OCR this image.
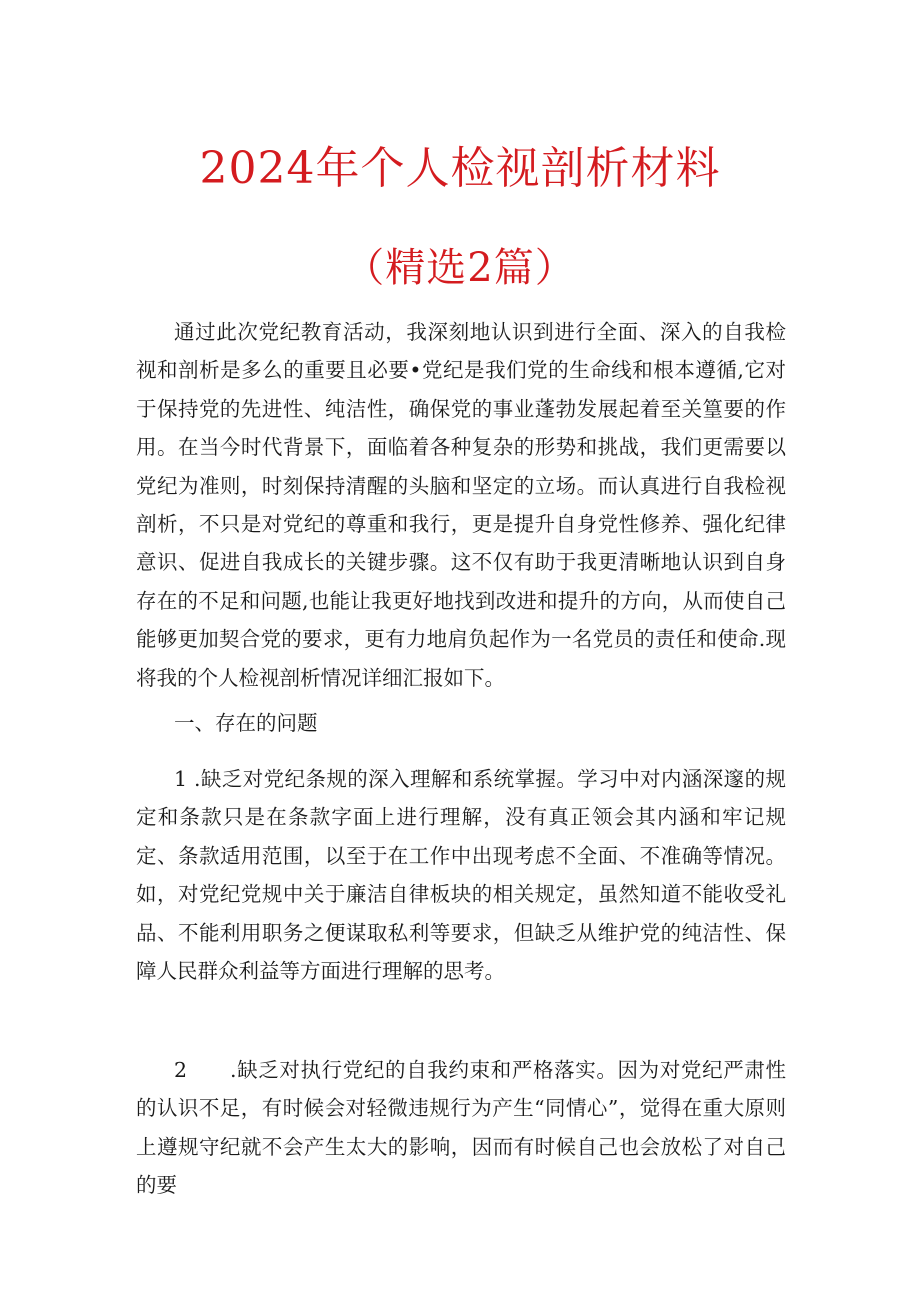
2024年个人检视剖析材料
（精选2篇）

通过此次党纪教育活动，我深刻地认识到进行全面、深入的自我检视和剖析是多么的重要且必要•党纪是我们党的生命线和根本遵循,它对于保持党的先进性、纯洁性，确保党的事业蓬勃发展起着至关篁要的作用。在当今时代背景下，面临着各种复杂的形势和挑战，我们更需要以党纪为准则，时刻保持清醒的头脑和坚定的立场。而认真进行自我检视剖析，不只是对党纪的尊重和我行，更是提升自身党性修养、强化纪律意识、促进自我成长的关键步骤。这不仅有助于我更清晰地认识到自身存在的不足和问题,也能让我更好地找到改进和提升的方向，从而使自己能够更加契合党的要求，更有力地肩负起作为一名党员的责任和使命.现将我的个人检视剖析情况详细汇报如下。

一、存在的问题

1 .缺乏对党纪条规的深入理解和系统掌握。学习中对内涵深邃的规定和条款只是在条款字面上进行理解，没有真正领会其内涵和牢记规定、条款适用范围，以至于在工作中出现考虑不全面、不准确等情况。如，对党纪党规中关于廉洁自律板块的相关规定，虽然知道不能收受礼品、不能利用职务之便谋取私利等要求，但缺乏从维护党的纯洁性、保障人民群众利益等方面进行理解的思考。

2　　.缺乏对执行党纪的自我约束和严格落实。因为对党纪严肃性的认识不足，有时候会对轻微违规行为产生“同情心”，觉得在重大原则上遵规守纪就不会产生太大的影响，因而有时候自己也会放松了对自己的要
